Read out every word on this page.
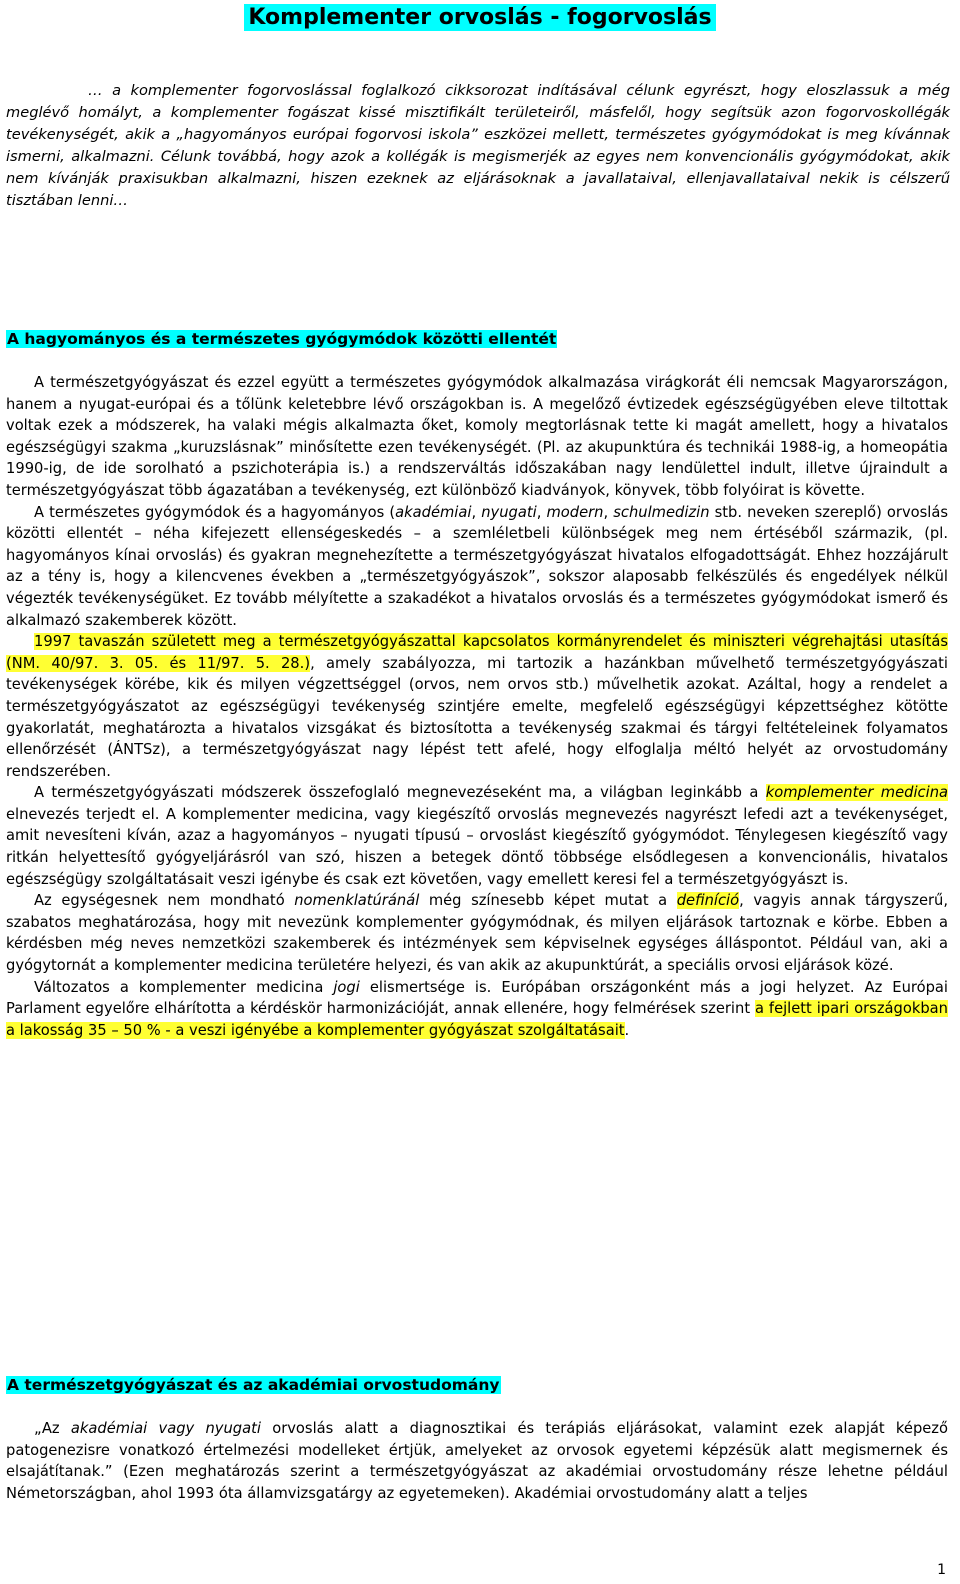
Komplementer orvoslás - fogorvoslás
… a komplementer fogorvoslással foglalkozó cikksorozat indításával célunk egyrészt, hogy eloszlassuk a még meglévő homályt, a komplementer fogászat kissé misztifikált területeiről, másfelől, hogy segítsük azon fogorvoskollégák tevékenységét, akik a „hagyományos európai fogorvosi iskola” eszközei mellett, természetes gyógymódokat is meg kívánnak ismerni, alkalmazni. Célunk továbbá, hogy azok a kollégák is megismerjék az egyes nem konvencionális gyógymódokat, akik nem kívánják praxisukban alkalmazni, hiszen ezeknek az eljárásoknak a javallataival, ellenjavallataival nekik is célszerű tisztában lenni…
A hagyományos és a természetes gyógymódok közötti ellentét

A természetgyógyászat és ezzel együtt a természetes gyógymódok alkalmazása virágkorát éli nemcsak Magyarországon, hanem a nyugat-európai és a tőlünk keletebbre lévő országokban is. A megelőző évtizedek egészségügyében eleve tiltottak voltak ezek a módszerek, ha valaki mégis alkalmazta őket, komoly megtorlásnak tette ki magát amellett, hogy a hivatalos egészségügyi szakma „kuruzslásnak” minősítette ezen tevékenységét. (Pl. az akupunktúra és technikái 1988-ig, a homeopátia 1990-ig, de ide sorolható a pszichoterápia is.) a rendszerváltás időszakában nagy lendülettel indult, illetve újraindult a természetgyógyászat több ágazatában a tevékenység, ezt különböző kiadványok, könyvek, több folyóirat is követte.

A természetes gyógymódok és a hagyományos (akadémiai, nyugati, modern, schulmedizin stb. neveken szereplő) orvoslás közötti ellentét – néha kifejezett ellenségeskedés – a szemléletbeli különbségek meg nem értéséből származik, (pl. hagyományos kínai orvoslás) és gyakran megnehezítette a természetgyógyászat hivatalos elfogadottságát. Ehhez hozzájárult az a tény is, hogy a kilencvenes években a „természetgyógyászok”, sokszor alaposabb felkészülés és engedélyek nélkül végezték tevékenységüket. Ez tovább mélyítette a szakadékot a hivatalos orvoslás és a természetes gyógymódokat ismerő és alkalmazó szakemberek között.

1997 tavaszán született meg a természetgyógyászattal kapcsolatos kormányrendelet és miniszteri végrehajtási utasítás (NM. 40/97. 3. 05. és 11/97. 5. 28.), amely szabályozza, mi tartozik a hazánkban művelhető természetgyógyászati tevékenységek körébe, kik és milyen végzettséggel (orvos, nem orvos stb.) művelhetik azokat. Azáltal, hogy a rendelet a természetgyógyászatot az egészségügyi tevékenység szintjére emelte, megfelelő egészségügyi képzettséghez kötötte gyakorlatát, meghatározta a hivatalos vizsgákat és biztosította a tevékenység szakmai és tárgyi feltételeinek folyamatos ellenőrzését (ÁNTSz), a természetgyógyászat nagy lépést tett afelé, hogy elfoglalja méltó helyét az orvostudomány rendszerében.

A természetgyógyászati módszerek összefoglaló megnevezéseként ma, a világban leginkább a komplementer medicina elnevezés terjedt el. A komplementer medicina, vagy kiegészítő orvoslás megnevezés nagyrészt lefedi azt a tevékenységet, amit nevesíteni kíván, azaz a hagyományos – nyugati típusú – orvoslást kiegészítő gyógymódot. Ténylegesen kiegészítő vagy ritkán helyettesítő gyógyeljárásról van szó, hiszen a betegek döntő többsége elsődlegesen a konvencionális, hivatalos egészségügy szolgáltatásait veszi igénybe és csak ezt követően, vagy emellett keresi fel a természetgyógyászt is.

Az egységesnek nem mondható nomenklatúránál még színesebb képet mutat a definíció, vagyis annak tárgyszerű, szabatos meghatározása, hogy mit nevezünk komplementer gyógymódnak, és milyen eljárások tartoznak e körbe. Ebben a kérdésben még neves nemzetközi szakemberek és intézmények sem képviselnek egységes álláspontot. Például van, aki a gyógytornát a komplementer medicina területére helyezi, és van akik az akupunktúrát, a speciális orvosi eljárások közé.

Változatos a komplementer medicina jogi elismertsége is. Európában országonként más a jogi helyzet. Az Európai Parlament egyelőre elhárította a kérdéskör harmonizációját, annak ellenére, hogy felmérések szerint a fejlett ipari országokban a lakosság 35 – 50 % - a veszi igényébe a komplementer gyógyászat szolgáltatásait.

A természetgyógyászat és az akadémiai orvostudomány

„Az akadémiai vagy nyugati orvoslás alatt a diagnosztikai és terápiás eljárásokat, valamint ezek alapját képező patogenezisre vonatkozó értelmezési modelleket értjük, amelyeket az orvosok egyetemi képzésük alatt megismernek és elsajátítanak.” (Ezen meghatározás szerint a természetgyógyászat az akadémiai orvostudomány része lehetne például Németországban, ahol 1993 óta államvizsgatárgy az egyetemeken). Akadémiai orvostudomány alatt a teljes

1
